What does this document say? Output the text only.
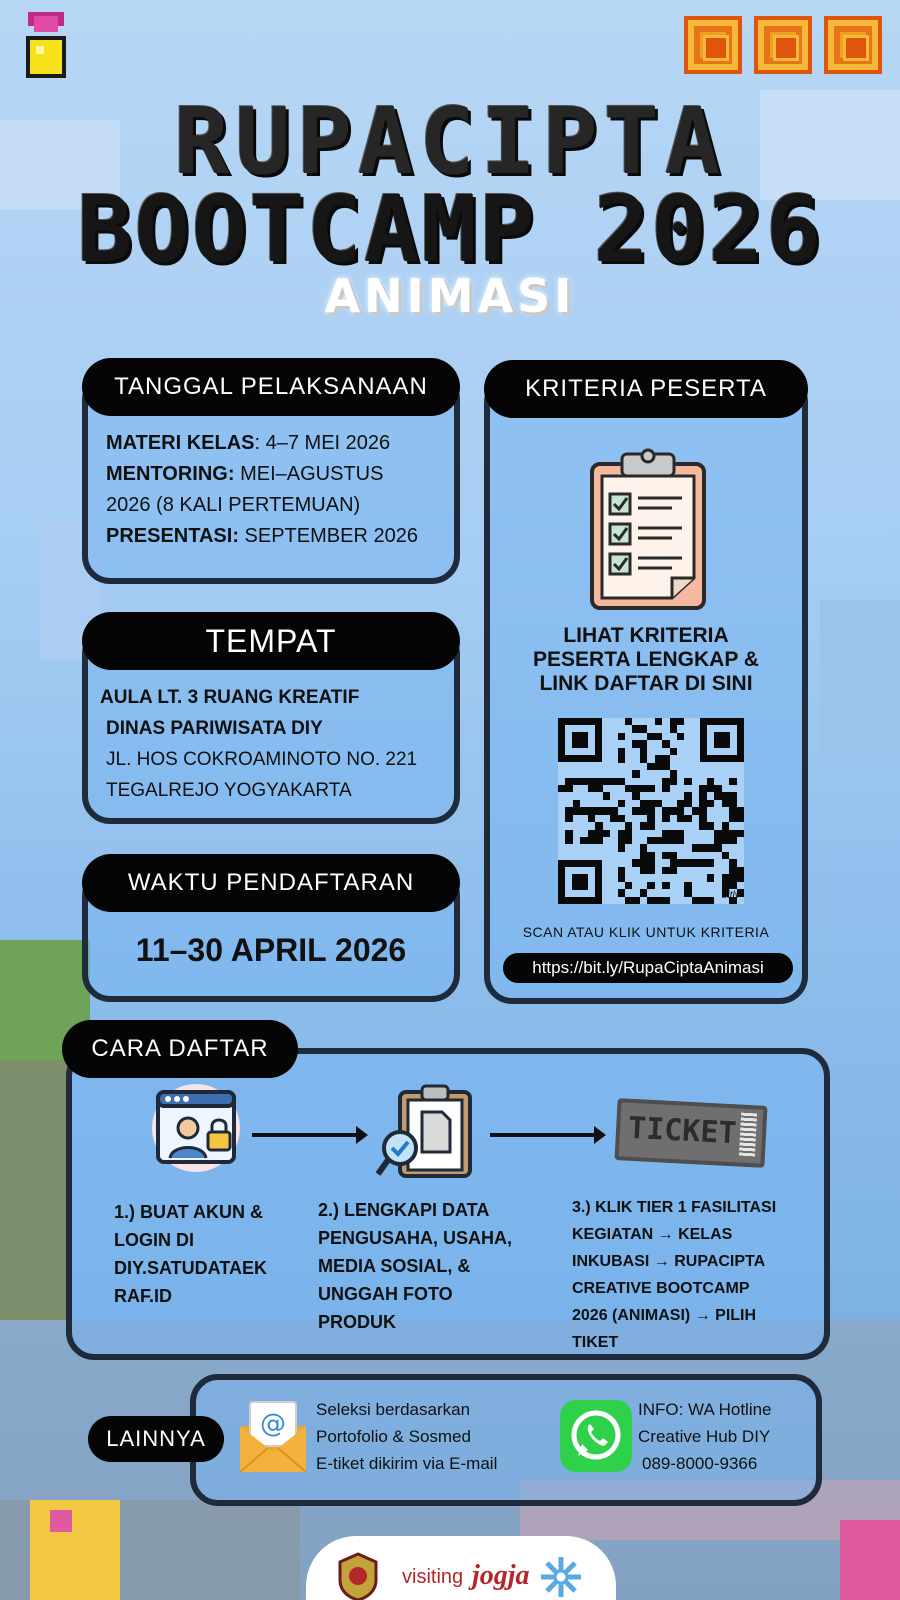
RUPACIPTA
BOOTCAMP 2026
ANIMASI
TANGGAL PELAKSANAAN
MATERI KELAS: 4–7 MEI 2026
MENTORING: MEI–AGUSTUS
2026 (8 KALI PERTEMUAN)
PRESENTASI: SEPTEMBER 2026
TEMPAT
AULA LT. 3 RUANG KREATIF
DINAS PARIWISATA DIY
JL. HOS COKROAMINOTO NO. 221
TEGALREJO YOGYAKARTA
WAKTU PENDAFTARAN
11–30 APRIL 2026
KRITERIA PESERTA
LIHAT KRITERIA
PESERTA LENGKAP &
LINK DAFTAR DI SINI
bitly
SCAN ATAU KLIK UNTUK KRITERIA
https://bit.ly/RupaCiptaAnimasi
CARA DAFTAR
TICKET
1.) BUAT AKUN &
LOGIN DI
DIY.SATUDATAEK
RAF.ID
2.) LENGKAPI DATA
PENGUSAHA, USAHA,
MEDIA SOSIAL, &
UNGGAH FOTO
PRODUK
3.) KLIK TIER 1 FASILITASI
KEGIATAN → KELAS
INKUBASI → RUPACIPTA
CREATIVE BOOTCAMP
2026 (ANIMASI) → PILIH
TIKET
LAINNYA	@ Seleksi berdasarkan
Portofolio & Sosmed
E-tiket dikirim via E-mail
INFO: WA Hotline
Creative Hub DIY
089-8000-9366
visiting jogja
